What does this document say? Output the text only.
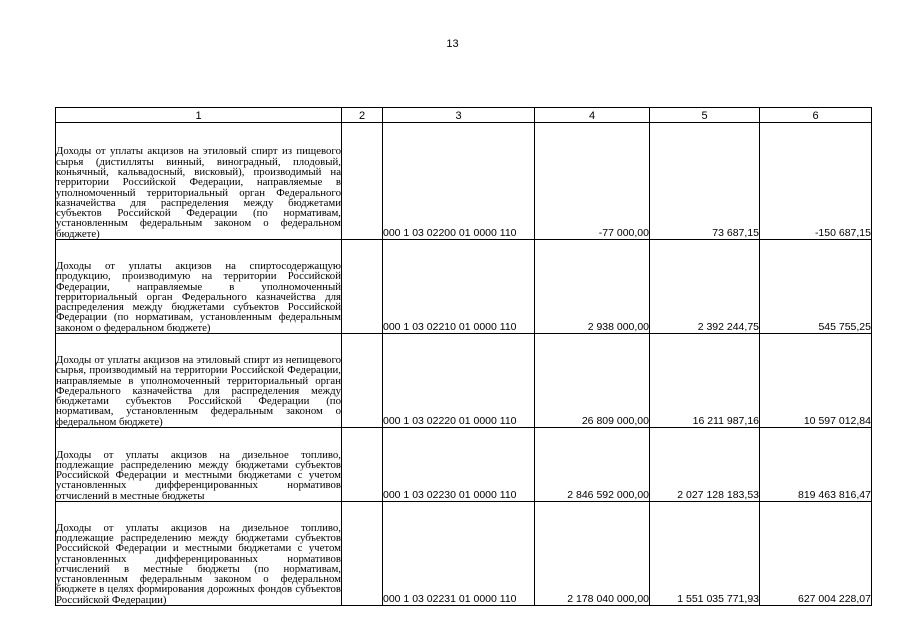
13
1	2	3	4	5	6
Доходы от уплаты акцизов на этиловый спирт из пищевого сырья (дистилляты винный, виноградный, плодовый, коньячный, кальвадосный, висковый), производимый на территории Российской Федерации, направляемые в уполномоченный территориальный орган Федерального казначейства для распределения между бюджетами субъектов Российской Федерации (по нормативам, установленным федеральным законом о федеральном бюджете)		000 1 03 02200 01 0000 110	-77 000,00	73 687,15	-150 687,15
Доходы от уплаты акцизов на спиртосодержащую продукцию, производимую на территории Российской Федерации, направляемые в уполномоченный территориальный орган Федерального казначейства для распределения между бюджетами субъектов Российской Федерации (по нормативам, установленным федеральным законом о федеральном бюджете)		000 1 03 02210 01 0000 110	2 938 000,00	2 392 244,75	545 755,25
Доходы от уплаты акцизов на этиловый спирт из непищевого сырья, производимый на территории Российской Федерации, направляемые в уполномоченный территориальный орган Федерального казначейства для распределения между бюджетами субъектов Российской Федерации (по нормативам, установленным федеральным законом о федеральном бюджете)		000 1 03 02220 01 0000 110	26 809 000,00	16 211 987,16	10 597 012,84
Доходы от уплаты акцизов на дизельное топливо, подлежащие распределению между бюджетами субъектов Российской Федерации и местными бюджетами с учетом установленных дифференцированных нормативов отчислений в местные бюджеты		000 1 03 02230 01 0000 110	2 846 592 000,00	2 027 128 183,53	819 463 816,47
Доходы от уплаты акцизов на дизельное топливо, подлежащие распределению между бюджетами субъектов Российской Федерации и местными бюджетами с учетом установленных дифференцированных нормативов отчислений в местные бюджеты (по нормативам, установленным федеральным законом о федеральном бюджете в целях формирования дорожных фондов субъектов Российской Федерации)		000 1 03 02231 01 0000 110	2 178 040 000,00	1 551 035 771,93	627 004 228,07
